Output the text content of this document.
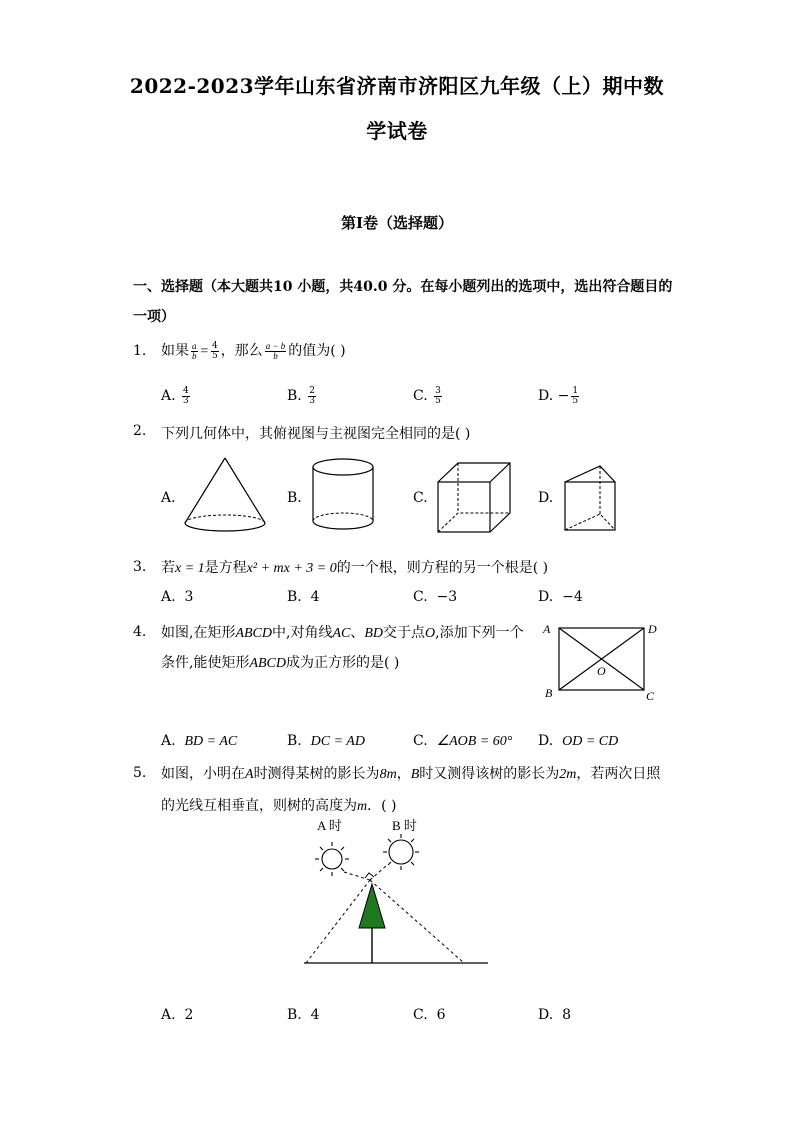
2022-2023学年山东省济南市济阳区九年级（上）期中数
学试卷
第I卷（选择题）
一、选择题（本大题共10 小题，共40.0 分。在每小题列出的选项中，选出符合题目的
一项）
1. 如果 $\frac{a}{b} = \frac{4}{5}$ ，那么 $\frac{a - b}{b}$ 的值为( )
A. $\frac{4}{3}$	B. $\frac{2}{3}$	C. $\frac{3}{5}$	D. − $\frac{1}{5}$
2. 下列几何体中，其俯视图与主视图完全相同的是( )
A.	B.	C.	D.
3. 若x = 1是方程x² + mx + 3 = 0的一个根，则方程的另一个根是( )
A. 3	B. 4	C. −3	D. −4
4. 如图,在矩形ABCD中,对角线AC、BD交于点O,添加下列一个
条件,能使矩形ABCD成为正方形的是( )
A	D
B	C
O
A. BD = AC	B. DC = AD	C. ∠AOB = 60° D. OD = CD
5. 如图，小明在A时测得某树的影长为8m，B时又测得该树的影长为2m，若两次日照
的光线互相垂直，则树的高度为m．( )
A 时	B 时
A. 2	B. 4	C. 6	D. 8
